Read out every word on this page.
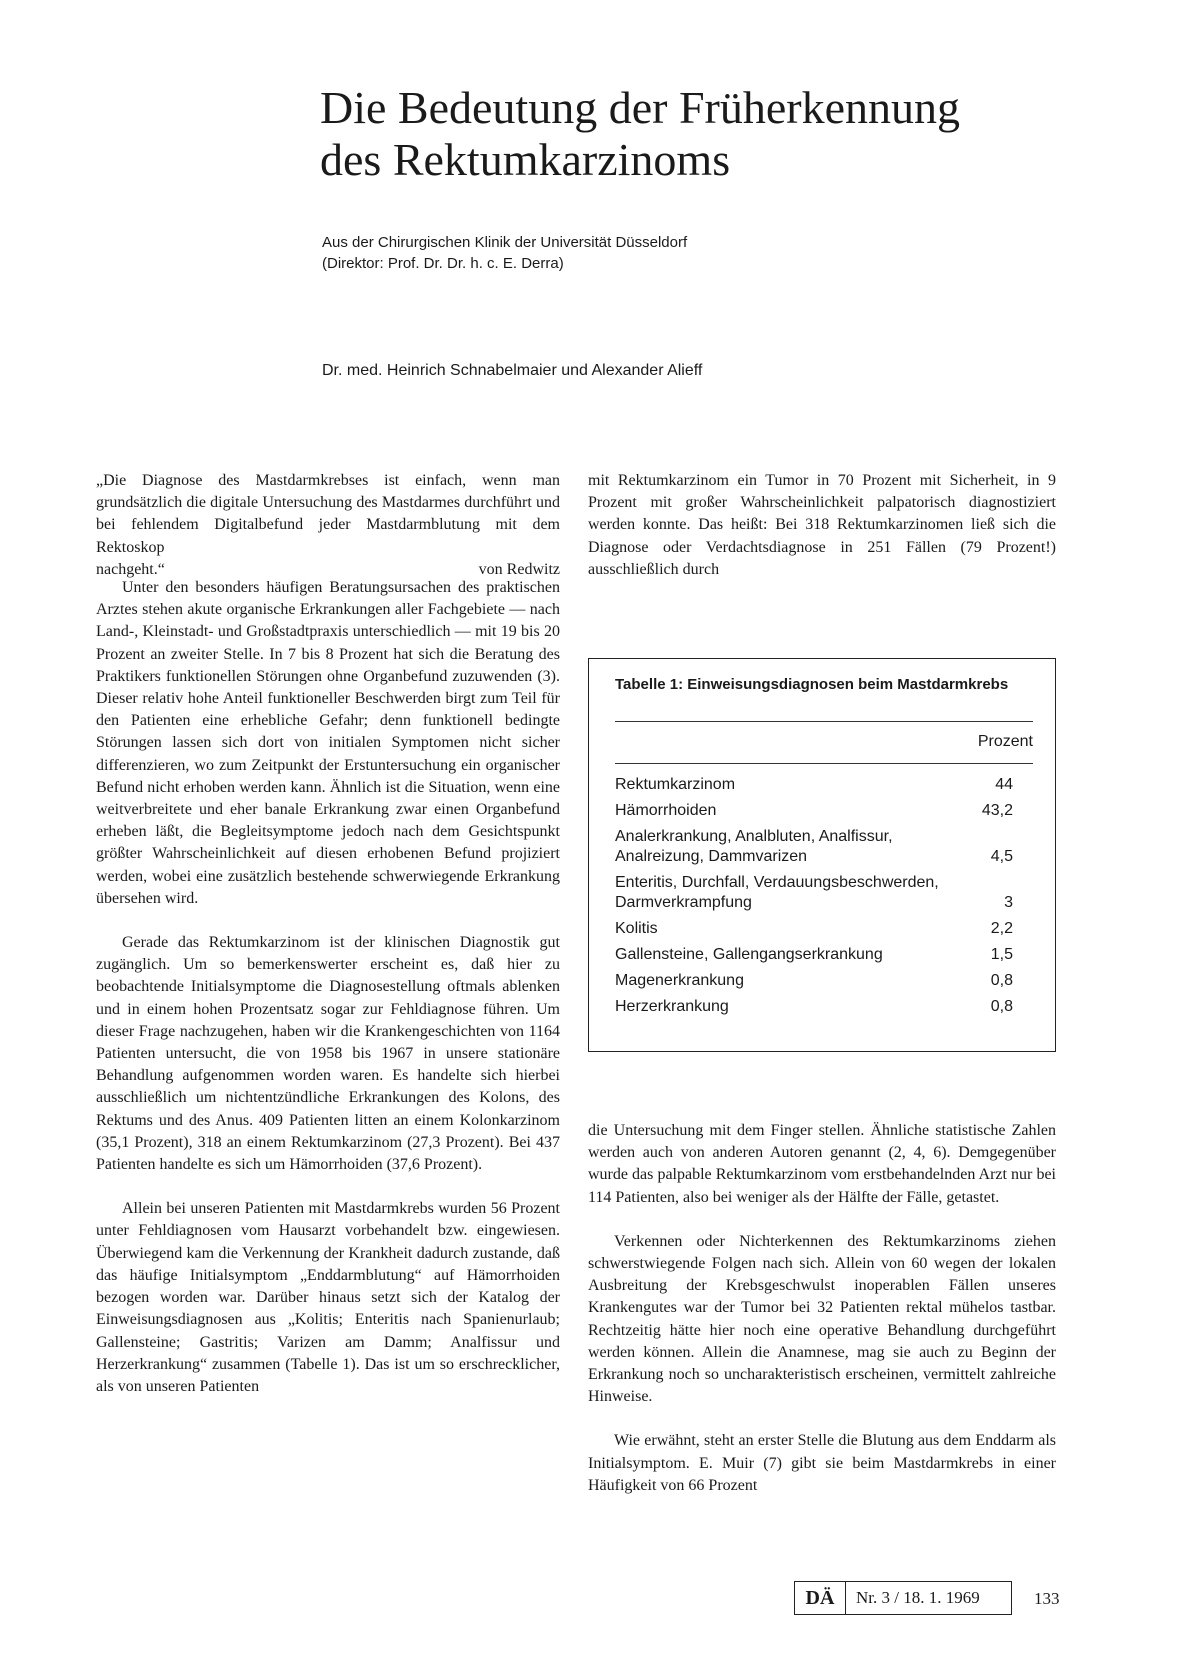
Die Bedeutung der Früherkennung
des Rektumkarzinoms
Aus der Chirurgischen Klinik der Universität Düsseldorf
(Direktor: Prof. Dr. Dr. h. c. E. Derra)
Dr. med. Heinrich Schnabelmaier und Alexander Alieff
„Die Diagnose des Mastdarmkrebses ist einfach, wenn man grundsätzlich die digitale Untersuchung des Mastdarmes durchführt und bei fehlendem Digitalbefund jeder Mastdarmblutung mit dem Rektoskop
nachgeht.“	von Redwitz

Unter den besonders häufigen Beratungsursachen des praktischen Arztes stehen akute organische Erkrankungen aller Fachgebiete — nach Land-, Kleinstadt- und Großstadtpraxis unterschiedlich — mit 19 bis 20 Prozent an zweiter Stelle. In 7 bis 8 Prozent hat sich die Beratung des Praktikers funktionellen Störungen ohne Organbefund zuzuwenden (3). Dieser relativ hohe Anteil funktioneller Beschwerden birgt zum Teil für den Patienten eine erhebliche Gefahr; denn funktionell bedingte Störungen lassen sich dort von initialen Symptomen nicht sicher differenzieren, wo zum Zeitpunkt der Erstuntersuchung ein organischer Befund nicht erhoben werden kann. Ähnlich ist die Situation, wenn eine weitverbreitete und eher banale Erkrankung zwar einen Organbefund erheben läßt, die Begleitsymptome jedoch nach dem Gesichtspunkt größter Wahrscheinlichkeit auf diesen erhobenen Befund projiziert werden, wobei eine zusätzlich bestehende schwerwiegende Erkrankung übersehen wird.

Gerade das Rektumkarzinom ist der klinischen Diagnostik gut zugänglich. Um so bemerkenswerter erscheint es, daß hier zu beobachtende Initialsymptome die Diagnosestellung oftmals ablenken und in einem hohen Prozentsatz sogar zur Fehldiagnose führen. Um dieser Frage nachzugehen, haben wir die Krankengeschichten von 1164 Patienten untersucht, die von 1958 bis 1967 in unsere stationäre Behandlung aufgenommen worden waren. Es handelte sich hierbei ausschließlich um nichtentzündliche Erkrankungen des Kolons, des Rektums und des Anus. 409 Patienten litten an einem Kolonkarzinom (35,1 Prozent), 318 an einem Rektumkarzinom (27,3 Prozent). Bei 437 Patienten handelte es sich um Hämorrhoiden (37,6 Prozent).

Allein bei unseren Patienten mit Mastdarmkrebs wurden 56 Prozent unter Fehldiagnosen vom Hausarzt vorbehandelt bzw. eingewiesen. Überwiegend kam die Verkennung der Krankheit dadurch zustande, daß das häufige Initialsymptom „Enddarmblutung“ auf Hämorrhoiden bezogen worden war. Darüber hinaus setzt sich der Katalog der Einweisungsdiagnosen aus „Kolitis; Enteritis nach Spanienurlaub; Gallensteine; Gastritis; Varizen am Damm; Analfissur und Herzerkrankung“ zusammen (Tabelle 1). Das ist um so erschrecklicher, als von unseren Patienten

mit Rektumkarzinom ein Tumor in 70 Prozent mit Sicherheit, in 9 Prozent mit großer Wahrscheinlichkeit palpatorisch diagnostiziert werden konnte. Das heißt: Bei 318 Rektumkarzinomen ließ sich die Diagnose oder Verdachtsdiagnose in 251 Fällen (79 Prozent!) ausschließlich durch

Tabelle 1: Einweisungsdiagnosen beim Mastdarmkrebs
Prozent
Rektumkarzinom	44
Hämorrhoiden	43,2
Analerkrankung, Analbluten, Analfissur, Analreizung, Dammvarizen	4,5
Enteritis, Durchfall, Verdauungsbeschwerden, Darmverkrampfung	3
Kolitis	2,2
Gallensteine, Gallengangserkrankung	1,5
Magenerkrankung	0,8
Herzerkrankung	0,8

die Untersuchung mit dem Finger stellen. Ähnliche statistische Zahlen werden auch von anderen Autoren genannt (2, 4, 6). Demgegenüber wurde das palpable Rektumkarzinom vom erstbehandelnden Arzt nur bei 114 Patienten, also bei weniger als der Hälfte der Fälle, getastet.

Verkennen oder Nichterkennen des Rektumkarzinoms ziehen schwerstwiegende Folgen nach sich. Allein von 60 wegen der lokalen Ausbreitung der Krebsgeschwulst inoperablen Fällen unseres Krankengutes war der Tumor bei 32 Patienten rektal mühelos tastbar. Rechtzeitig hätte hier noch eine operative Behandlung durchgeführt werden können. Allein die Anamnese, mag sie auch zu Beginn der Erkrankung noch so uncharakteristisch erscheinen, vermittelt zahlreiche Hinweise.

Wie erwähnt, steht an erster Stelle die Blutung aus dem Enddarm als Initialsymptom. E. Muir (7) gibt sie beim Mastdarmkrebs in einer Häufigkeit von 66 Prozent

DÄ	Nr. 3 / 18. 1. 1969	133
